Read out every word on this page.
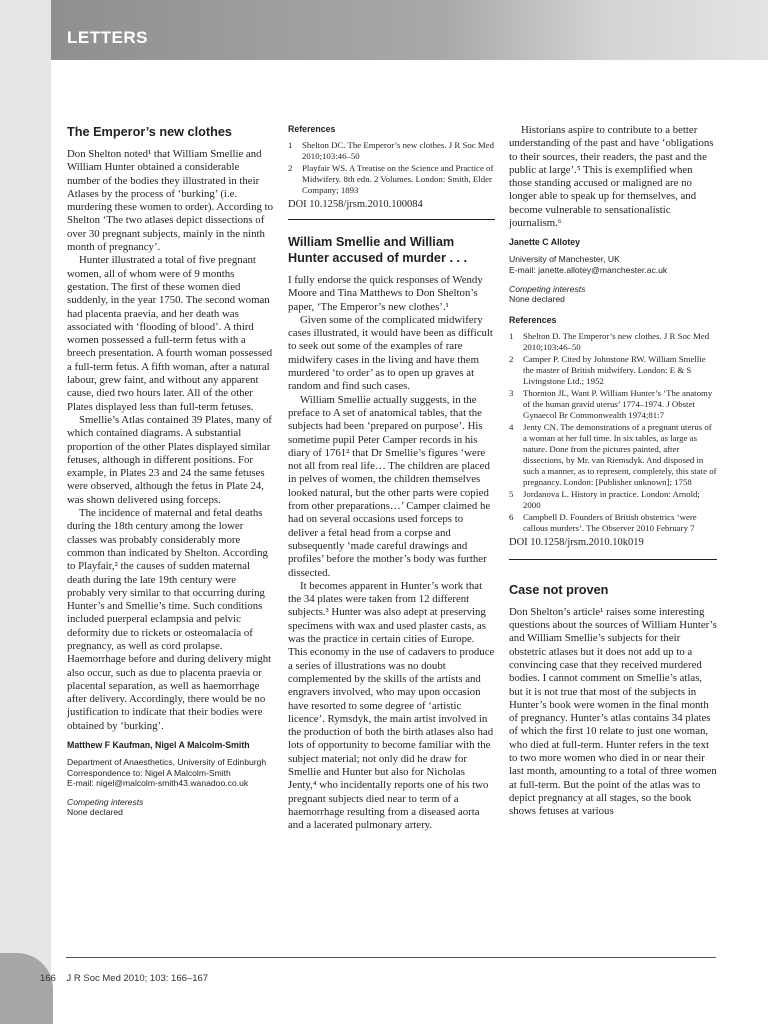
LETTERS
The Emperor’s new clothes

Don Shelton noted¹ that William Smellie and William Hunter obtained a considerable number of the bodies they illustrated in their Atlases by the process of ‘burking’ (i.e. murdering these women to order). According to Shelton ‘The two atlases depict dissections of over 30 pregnant subjects, mainly in the ninth month of pregnancy’.

Hunter illustrated a total of five pregnant women, all of whom were of 9 months gestation. The first of these women died suddenly, in the year 1750. The second woman had placenta praevia, and her death was associated with ‘flooding of blood’. A third women possessed a full-term fetus with a breech presentation. A fourth woman possessed a full-term fetus. A fifth woman, after a natural labour, grew faint, and without any apparent cause, died two hours later. All of the other Plates displayed less than full-term fetuses.

Smellie’s Atlas contained 39 Plates, many of which contained diagrams. A substantial proportion of the other Plates displayed similar fetuses, although in different positions. For example, in Plates 23 and 24 the same fetuses were observed, although the fetus in Plate 24, was shown delivered using forceps.

The incidence of maternal and fetal deaths during the 18th century among the lower classes was probably considerably more common than indicated by Shelton. According to Playfair,² the causes of sudden maternal death during the late 19th century were probably very similar to that occurring during Hunter’s and Smellie’s time. Such conditions included puerperal eclampsia and pelvic deformity due to rickets or osteomalacia of pregnancy, as well as cord prolapse. Haemorrhage before and during delivery might also occur, such as due to placenta praevia or placental separation, as well as haemorrhage after delivery. Accordingly, there would be no justification to indicate that their bodies were obtained by ‘burking’.

Matthew F Kaufman, Nigel A Malcolm-Smith
Department of Anaesthetics, University of Edinburgh
Correspondence to: Nigel A Malcolm-Smith
E-mail: nigel@malcolm-smith43.wanadoo.co.uk
Competing interests
None declared
References
1 Shelton DC. The Emperor’s new clothes. J R Soc Med 2010;103:46–50
2 Playfair WS. A Treatise on the Science and Practice of Midwifery. 8th edn. 2 Volumes. London: Smith, Elder Company; 1893
DOI 10.1258/jrsm.2010.100084
William Smellie and William Hunter accused of murder . . .

I fully endorse the quick responses of Wendy Moore and Tina Matthews to Don Shelton’s paper, ‘The Emperor’s new clothes’.¹

Given some of the complicated midwifery cases illustrated, it would have been as difficult to seek out some of the examples of rare midwifery cases in the living and have them murdered ‘to order’ as to open up graves at random and find such cases.

William Smellie actually suggests, in the preface to A set of anatomical tables, that the subjects had been ‘prepared on purpose’. His sometime pupil Peter Camper records in his diary of 1761² that Dr Smellie’s figures ‘were not all from real life… The children are placed in pelves of women, the children themselves looked natural, but the other parts were copied from other preparations…’ Camper claimed he had on several occasions used forceps to deliver a fetal head from a corpse and subsequently ‘made careful drawings and profiles’ before the mother’s body was further dissected.

It becomes apparent in Hunter’s work that the 34 plates were taken from 12 different subjects.³ Hunter was also adept at preserving specimens with wax and used plaster casts, as was the practice in certain cities of Europe. This economy in the use of cadavers to produce a series of illustrations was no doubt complemented by the skills of the artists and engravers involved, who may upon occasion have resorted to some degree of ‘artistic licence’. Rymsdyk, the main artist involved in the production of both the birth atlases also had lots of opportunity to become familiar with the subject material; not only did he draw for Smellie and Hunter but also for Nicholas Jenty,⁴ who incidentally reports one of his two pregnant subjects died near to term of a haemorrhage resulting from a diseased aorta and a lacerated pulmonary artery.

Historians aspire to contribute to a better understanding of the past and have ‘obligations to their sources, their readers, the past and the public at large’.⁵ This is exemplified when those standing accused or maligned are no longer able to speak up for themselves, and become vulnerable to sensationalistic journalism.⁶

Janette C Allotey
University of Manchester, UK
E-mail: janette.allotey@manchester.ac.uk
Competing interests
None declared
References
1 Shelton D. The Emperor’s new clothes. J R Soc Med 2010;103:46–50
2 Camper P. Cited by Johnstone RW. William Smellie the master of British midwifery. London: E & S Livingstone Ltd.; 1952
3 Thornton JL, Want P. William Hunter’s ‘The anatomy of the human gravid uterus’ 1774–1974. J Obstet Gynaecol Br Commonwealth 1974;81:7
4 Jenty CN. The demonstrations of a pregnant uterus of a woman at her full time. In six tables, as large as nature. Done from the pictures painted, after dissections, by Mr. van Riemsdyk. And disposed in such a manner, as to represent, completely, this state of pregnancy. London: [Publisher unknown]; 1758
5 Jordanova L. History in practice. London: Arnold; 2000
6 Campbell D. Founders of British obstetrics ‘were callous murders’. The Observer 2010 February 7
DOI 10.1258/jrsm.2010.10k019
Case not proven

Don Shelton’s article¹ raises some interesting questions about the sources of William Hunter’s and William Smellie’s subjects for their obstetric atlases but it does not add up to a convincing case that they received murdered bodies. I cannot comment on Smellie’s atlas, but it is not true that most of the subjects in Hunter’s book were women in the final month of pregnancy. Hunter’s atlas contains 34 plates of which the first 10 relate to just one woman, who died at full-term. Hunter refers in the text to two more women who died in or near their last month, amounting to a total of three women at full-term. But the point of the atlas was to depict pregnancy at all stages, so the book shows fetuses at various

166 J R Soc Med 2010; 103: 166–167
